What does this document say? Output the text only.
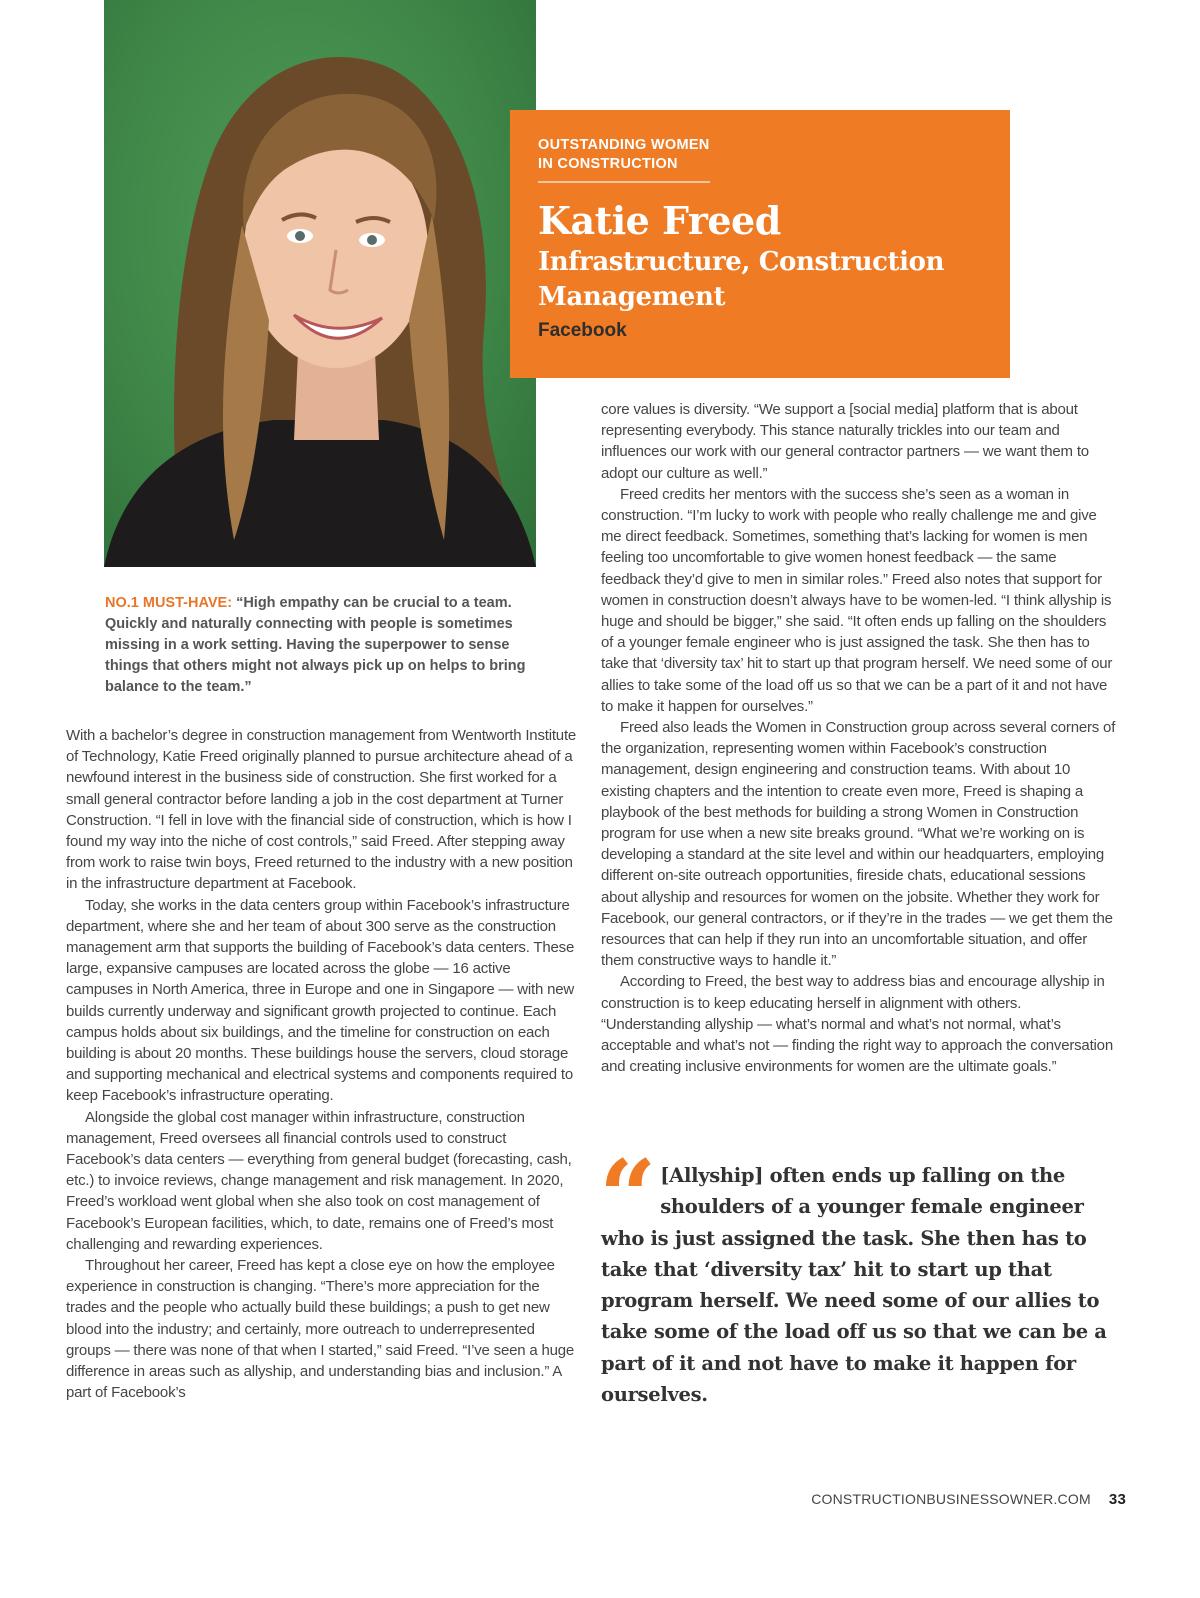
OUTSTANDING WOMEN
IN CONSTRUCTION
Katie Freed
Infrastructure, Construction Management
Facebook
NO.1 MUST-HAVE: “High empathy can be crucial to a team. Quickly and naturally connecting with people is sometimes missing in a work setting. Having the superpower to sense things that others might not always pick up on helps to bring balance to the team.”

With a bachelor’s degree in construction management from Wentworth Institute of Technology, Katie Freed originally planned to pursue architecture ahead of a newfound interest in the business side of construction. She first worked for a small general contractor before landing a job in the cost department at Turner Construction. “I fell in love with the financial side of construction, which is how I found my way into the niche of cost controls,” said Freed. After stepping away from work to raise twin boys, Freed returned to the industry with a new position in the infrastructure department at Facebook.

Today, she works in the data centers group within Facebook’s infrastructure department, where she and her team of about 300 serve as the construction management arm that supports the building of Facebook’s data centers. These large, expansive campuses are located across the globe — 16 active campuses in North America, three in Europe and one in Singapore — with new builds currently underway and significant growth projected to continue. Each campus holds about six buildings, and the timeline for construction on each building is about 20 months. These buildings house the servers, cloud storage and supporting mechanical and electrical systems and components required to keep Facebook’s infrastructure operating.

Alongside the global cost manager within infrastructure, construction management, Freed oversees all financial controls used to construct Facebook’s data centers — everything from general budget (forecasting, cash, etc.) to invoice reviews, change management and risk management. In 2020, Freed’s workload went global when she also took on cost management of Facebook’s European facilities, which, to date, remains one of Freed’s most challenging and rewarding experiences.

Throughout her career, Freed has kept a close eye on how the employee experience in construction is changing. “There’s more appreciation for the trades and the people who actually build these buildings; a push to get new blood into the industry; and certainly, more outreach to underrepresented groups — there was none of that when I started,” said Freed. “I’ve seen a huge difference in areas such as allyship, and understanding bias and inclusion.” A part of Facebook’s

core values is diversity. “We support a [social media] platform that is about representing everybody. This stance naturally trickles into our team and influences our work with our general contractor partners — we want them to adopt our culture as well.”

Freed credits her mentors with the success she’s seen as a woman in construction. “I’m lucky to work with people who really challenge me and give me direct feedback. Sometimes, something that’s lacking for women is men feeling too uncomfortable to give women honest feedback — the same feedback they’d give to men in similar roles.” Freed also notes that support for women in construction doesn’t always have to be women-led. “I think allyship is huge and should be bigger,” she said. “It often ends up falling on the shoulders of a younger female engineer who is just assigned the task. She then has to take that ‘diversity tax’ hit to start up that program herself. We need some of our allies to take some of the load off us so that we can be a part of it and not have to make it happen for ourselves.”

Freed also leads the Women in Construction group across several corners of the organization, representing women within Facebook’s construction management, design engineering and construction teams. With about 10 existing chapters and the intention to create even more, Freed is shaping a playbook of the best methods for building a strong Women in Construction program for use when a new site breaks ground. “What we’re working on is developing a standard at the site level and within our headquarters, employing different on-site outreach opportunities, fireside chats, educational sessions about allyship and resources for women on the jobsite. Whether they work for Facebook, our general contractors, or if they’re in the trades — we get them the resources that can help if they run into an uncomfortable situation, and offer them constructive ways to handle it.”

According to Freed, the best way to address bias and encourage allyship in construction is to keep educating herself in alignment with others. “Understanding allyship — what’s normal and what’s not normal, what’s acceptable and what’s not — finding the right way to approach the conversation and creating inclusive environments for women are the ultimate goals.”

“ [Allyship] often ends up falling on the shoulders of a younger female engineer who is just assigned the task. She then has to take that ‘diversity tax’ hit to start up that program herself. We need some of our allies to take some of the load off us so that we can be a part of it and not have to make it happen for ourselves.
CONSTRUCTIONBUSINESSOWNER.COM 33
